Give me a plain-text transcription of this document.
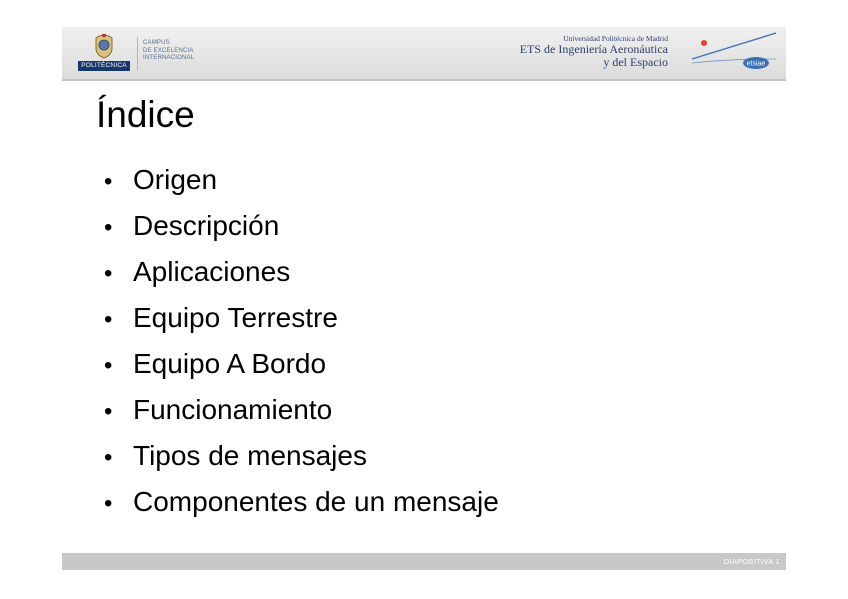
POLITÉCNICA
CAMPUS
DE EXCELENCIA
INTERNACIONAL
Universidad Politécnica de Madrid
ETS de Ingeniería Aeronáutica
y del Espacio	etsiae
Índice
• Origen
• Descripción
• Aplicaciones
• Equipo Terrestre
• Equipo A Bordo
• Funcionamiento
• Tipos de mensajes
• Componentes de un mensaje
DIAPOSITIVA 1
